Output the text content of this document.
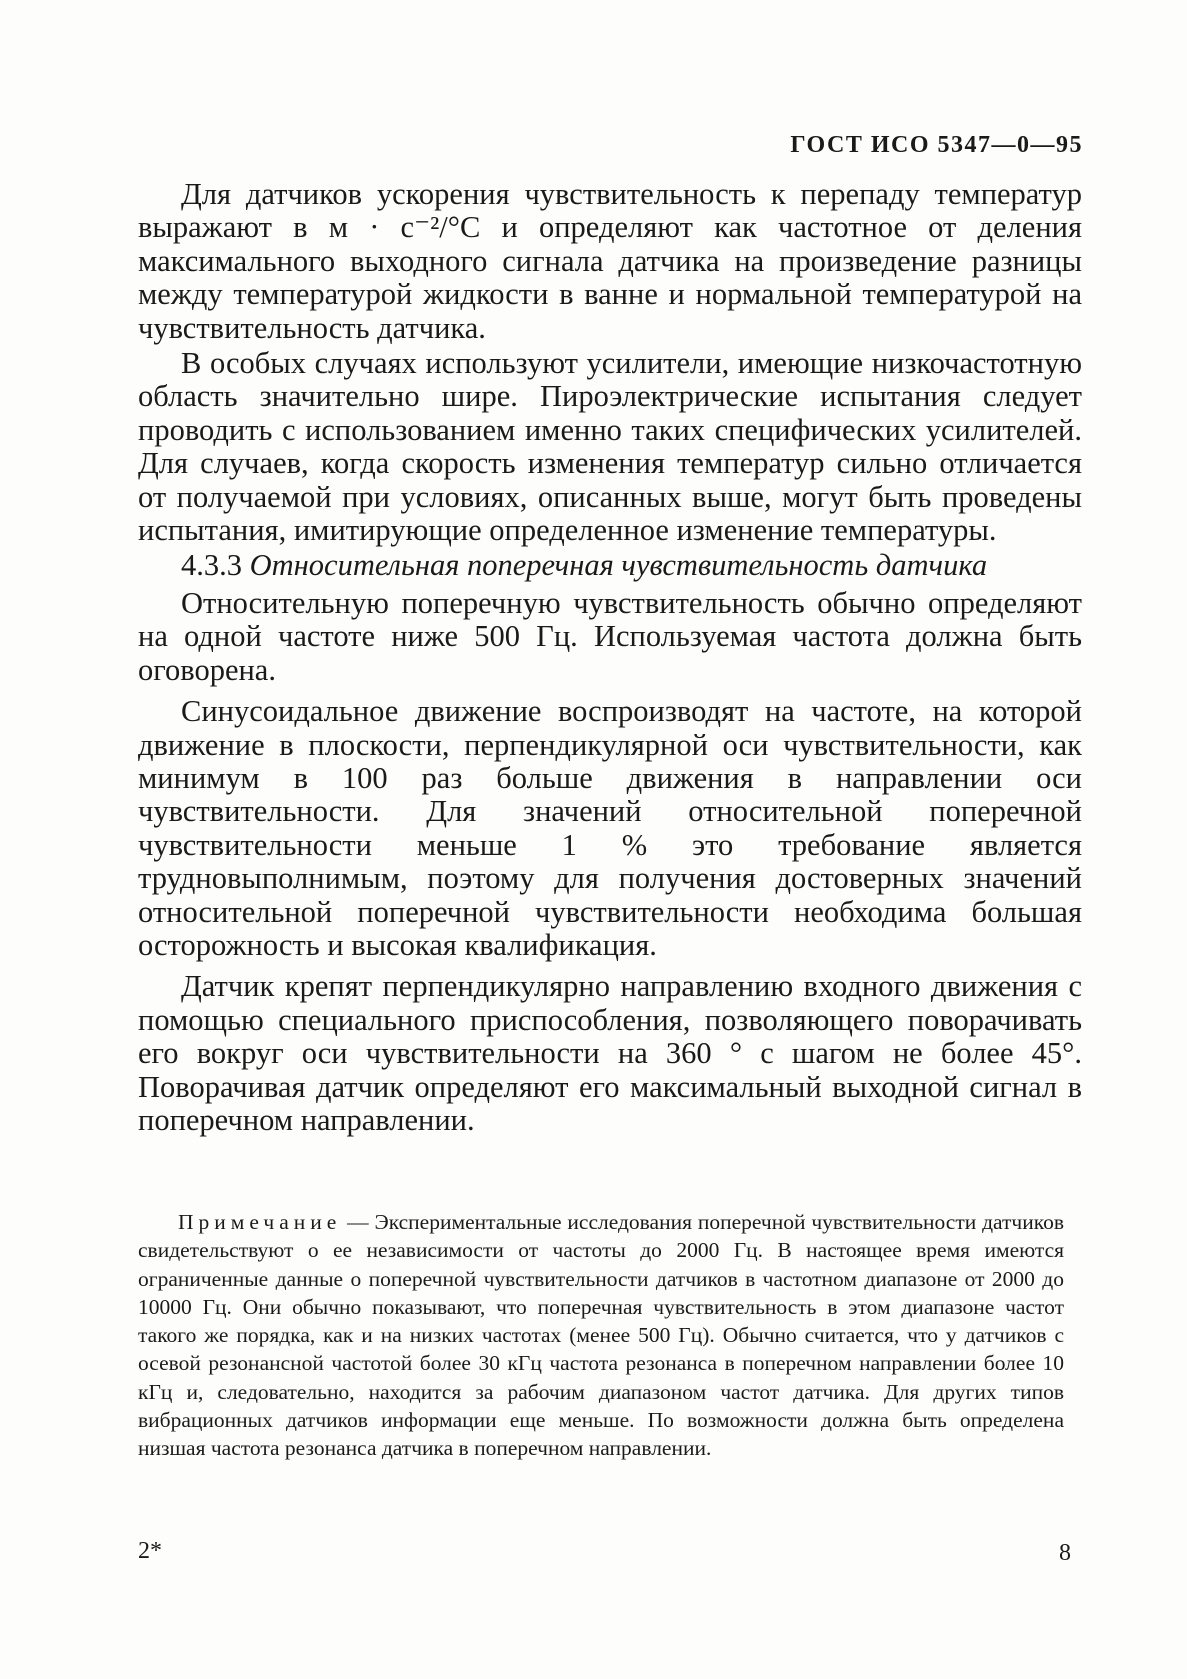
ГОСТ ИСО 5347—0—95

Для датчиков ускорения чувствительность к перепаду температур выражают в м · с⁻²/°C и определяют как частотное от деления максимального выходного сигнала датчика на произведение разницы между температурой жидкости в ванне и нормальной температурой на чувствительность датчика.

В особых случаях используют усилители, имеющие низкочастотную область значительно шире. Пироэлектрические испытания следует проводить с использованием именно таких специфических усилителей. Для случаев, когда скорость изменения температур сильно отличается от получаемой при условиях, описанных выше, могут быть проведены испытания, имитирующие определенное изменение температуры.

4.3.3 Относительная поперечная чувствительность датчика

Относительную поперечную чувствительность обычно определяют на одной частоте ниже 500 Гц. Используемая частота должна быть оговорена.

Синусоидальное движение воспроизводят на частоте, на которой движение в плоскости, перпендикулярной оси чувствительности, как минимум в 100 раз больше движения в направлении оси чувствительности. Для значений относительной поперечной чувствительности меньше 1 % это требование является трудновыполнимым, поэтому для получения достоверных значений относительной поперечной чувствительности необходима большая осторожность и высокая квалификация.

Датчик крепят перпендикулярно направлению входного движения с помощью специального приспособления, позволяющего поворачивать его вокруг оси чувствительности на 360 ° с шагом не более 45°. Поворачивая датчик определяют его максимальный выходной сигнал в поперечном направлении.

Примечание — Экспериментальные исследования поперечной чувствительности датчиков свидетельствуют о ее независимости от частоты до 2000 Гц. В настоящее время имеются ограниченные данные о поперечной чувствительности датчиков в частотном диапазоне от 2000 до 10000 Гц. Они обычно показывают, что поперечная чувствительность в этом диапазоне частот такого же порядка, как и на низких частотах (менее 500 Гц). Обычно считается, что у датчиков с осевой резонансной частотой более 30 кГц частота резонанса в поперечном направлении более 10 кГц и, следовательно, находится за рабочим диапазоном частот датчика. Для других типов вибрационных датчиков информации еще меньше. По возможности должна быть определена низшая частота резонанса датчика в поперечном направлении.

2*	8
